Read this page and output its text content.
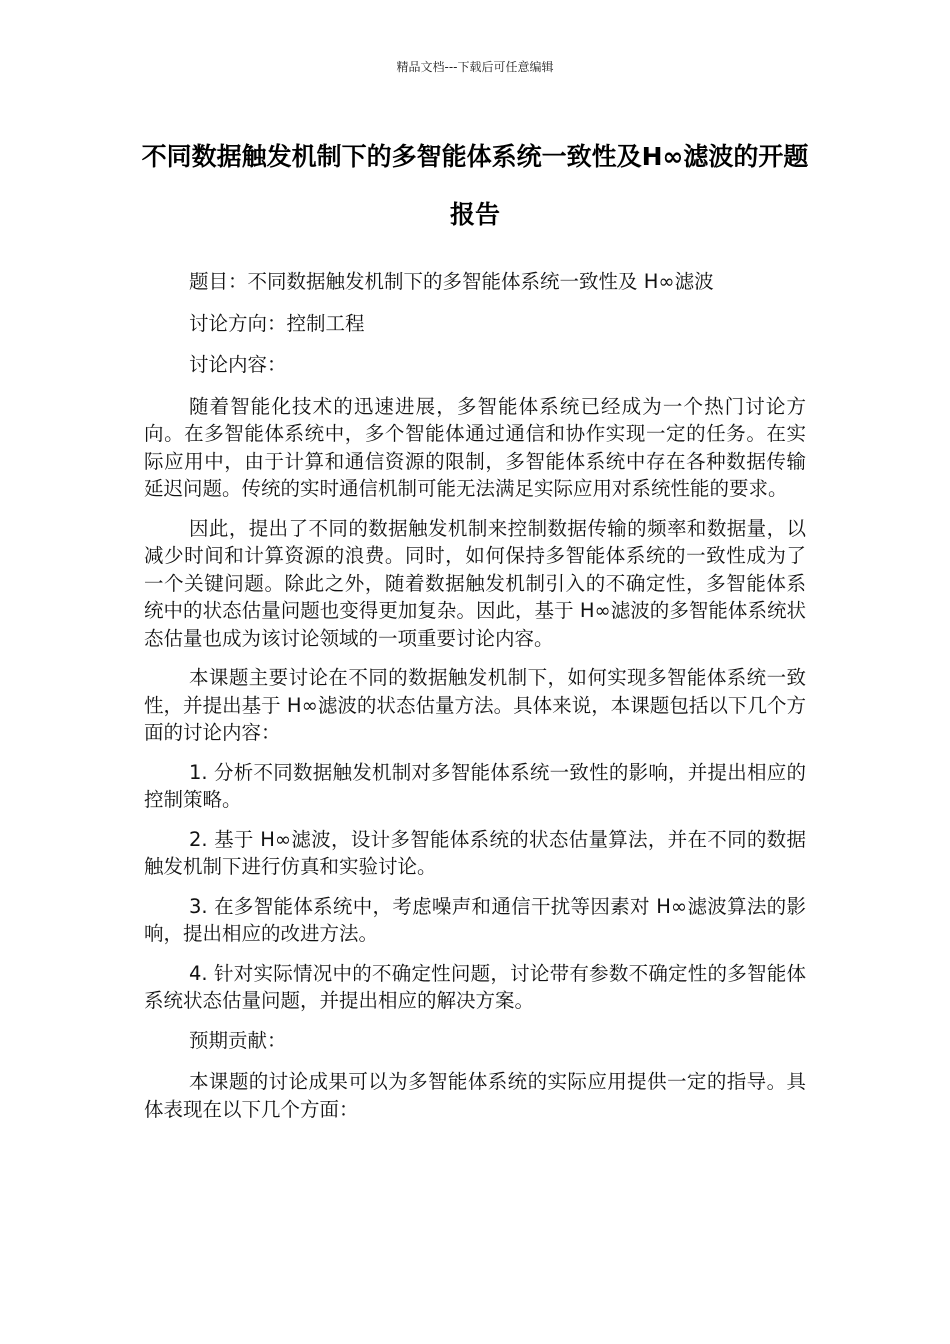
精品文档---下载后可任意编辑
不同数据触发机制下的多智能体系统一致性及H∞滤波的开题报告

题目：不同数据触发机制下的多智能体系统一致性及 H∞滤波

讨论方向：控制工程

讨论内容：

随着智能化技术的迅速进展，多智能体系统已经成为一个热门讨论方向。在多智能体系统中，多个智能体通过通信和协作实现一定的任务。在实际应用中，由于计算和通信资源的限制，多智能体系统中存在各种数据传输延迟问题。传统的实时通信机制可能无法满足实际应用对系统性能的要求。

因此，提出了不同的数据触发机制来控制数据传输的频率和数据量，以减少时间和计算资源的浪费。同时，如何保持多智能体系统的一致性成为了一个关键问题。除此之外，随着数据触发机制引入的不确定性，多智能体系统中的状态估量问题也变得更加复杂。因此，基于 H∞滤波的多智能体系统状态估量也成为该讨论领域的一项重要讨论内容。

本课题主要讨论在不同的数据触发机制下，如何实现多智能体系统一致性，并提出基于 H∞滤波的状态估量方法。具体来说，本课题包括以下几个方面的讨论内容：

1. 分析不同数据触发机制对多智能体系统一致性的影响，并提出相应的控制策略。

2. 基于 H∞滤波，设计多智能体系统的状态估量算法，并在不同的数据触发机制下进行仿真和实验讨论。

3. 在多智能体系统中，考虑噪声和通信干扰等因素对 H∞滤波算法的影响，提出相应的改进方法。

4. 针对实际情况中的不确定性问题，讨论带有参数不确定性的多智能体系统状态估量问题，并提出相应的解决方案。

预期贡献：

本课题的讨论成果可以为多智能体系统的实际应用提供一定的指导。具体表现在以下几个方面：
